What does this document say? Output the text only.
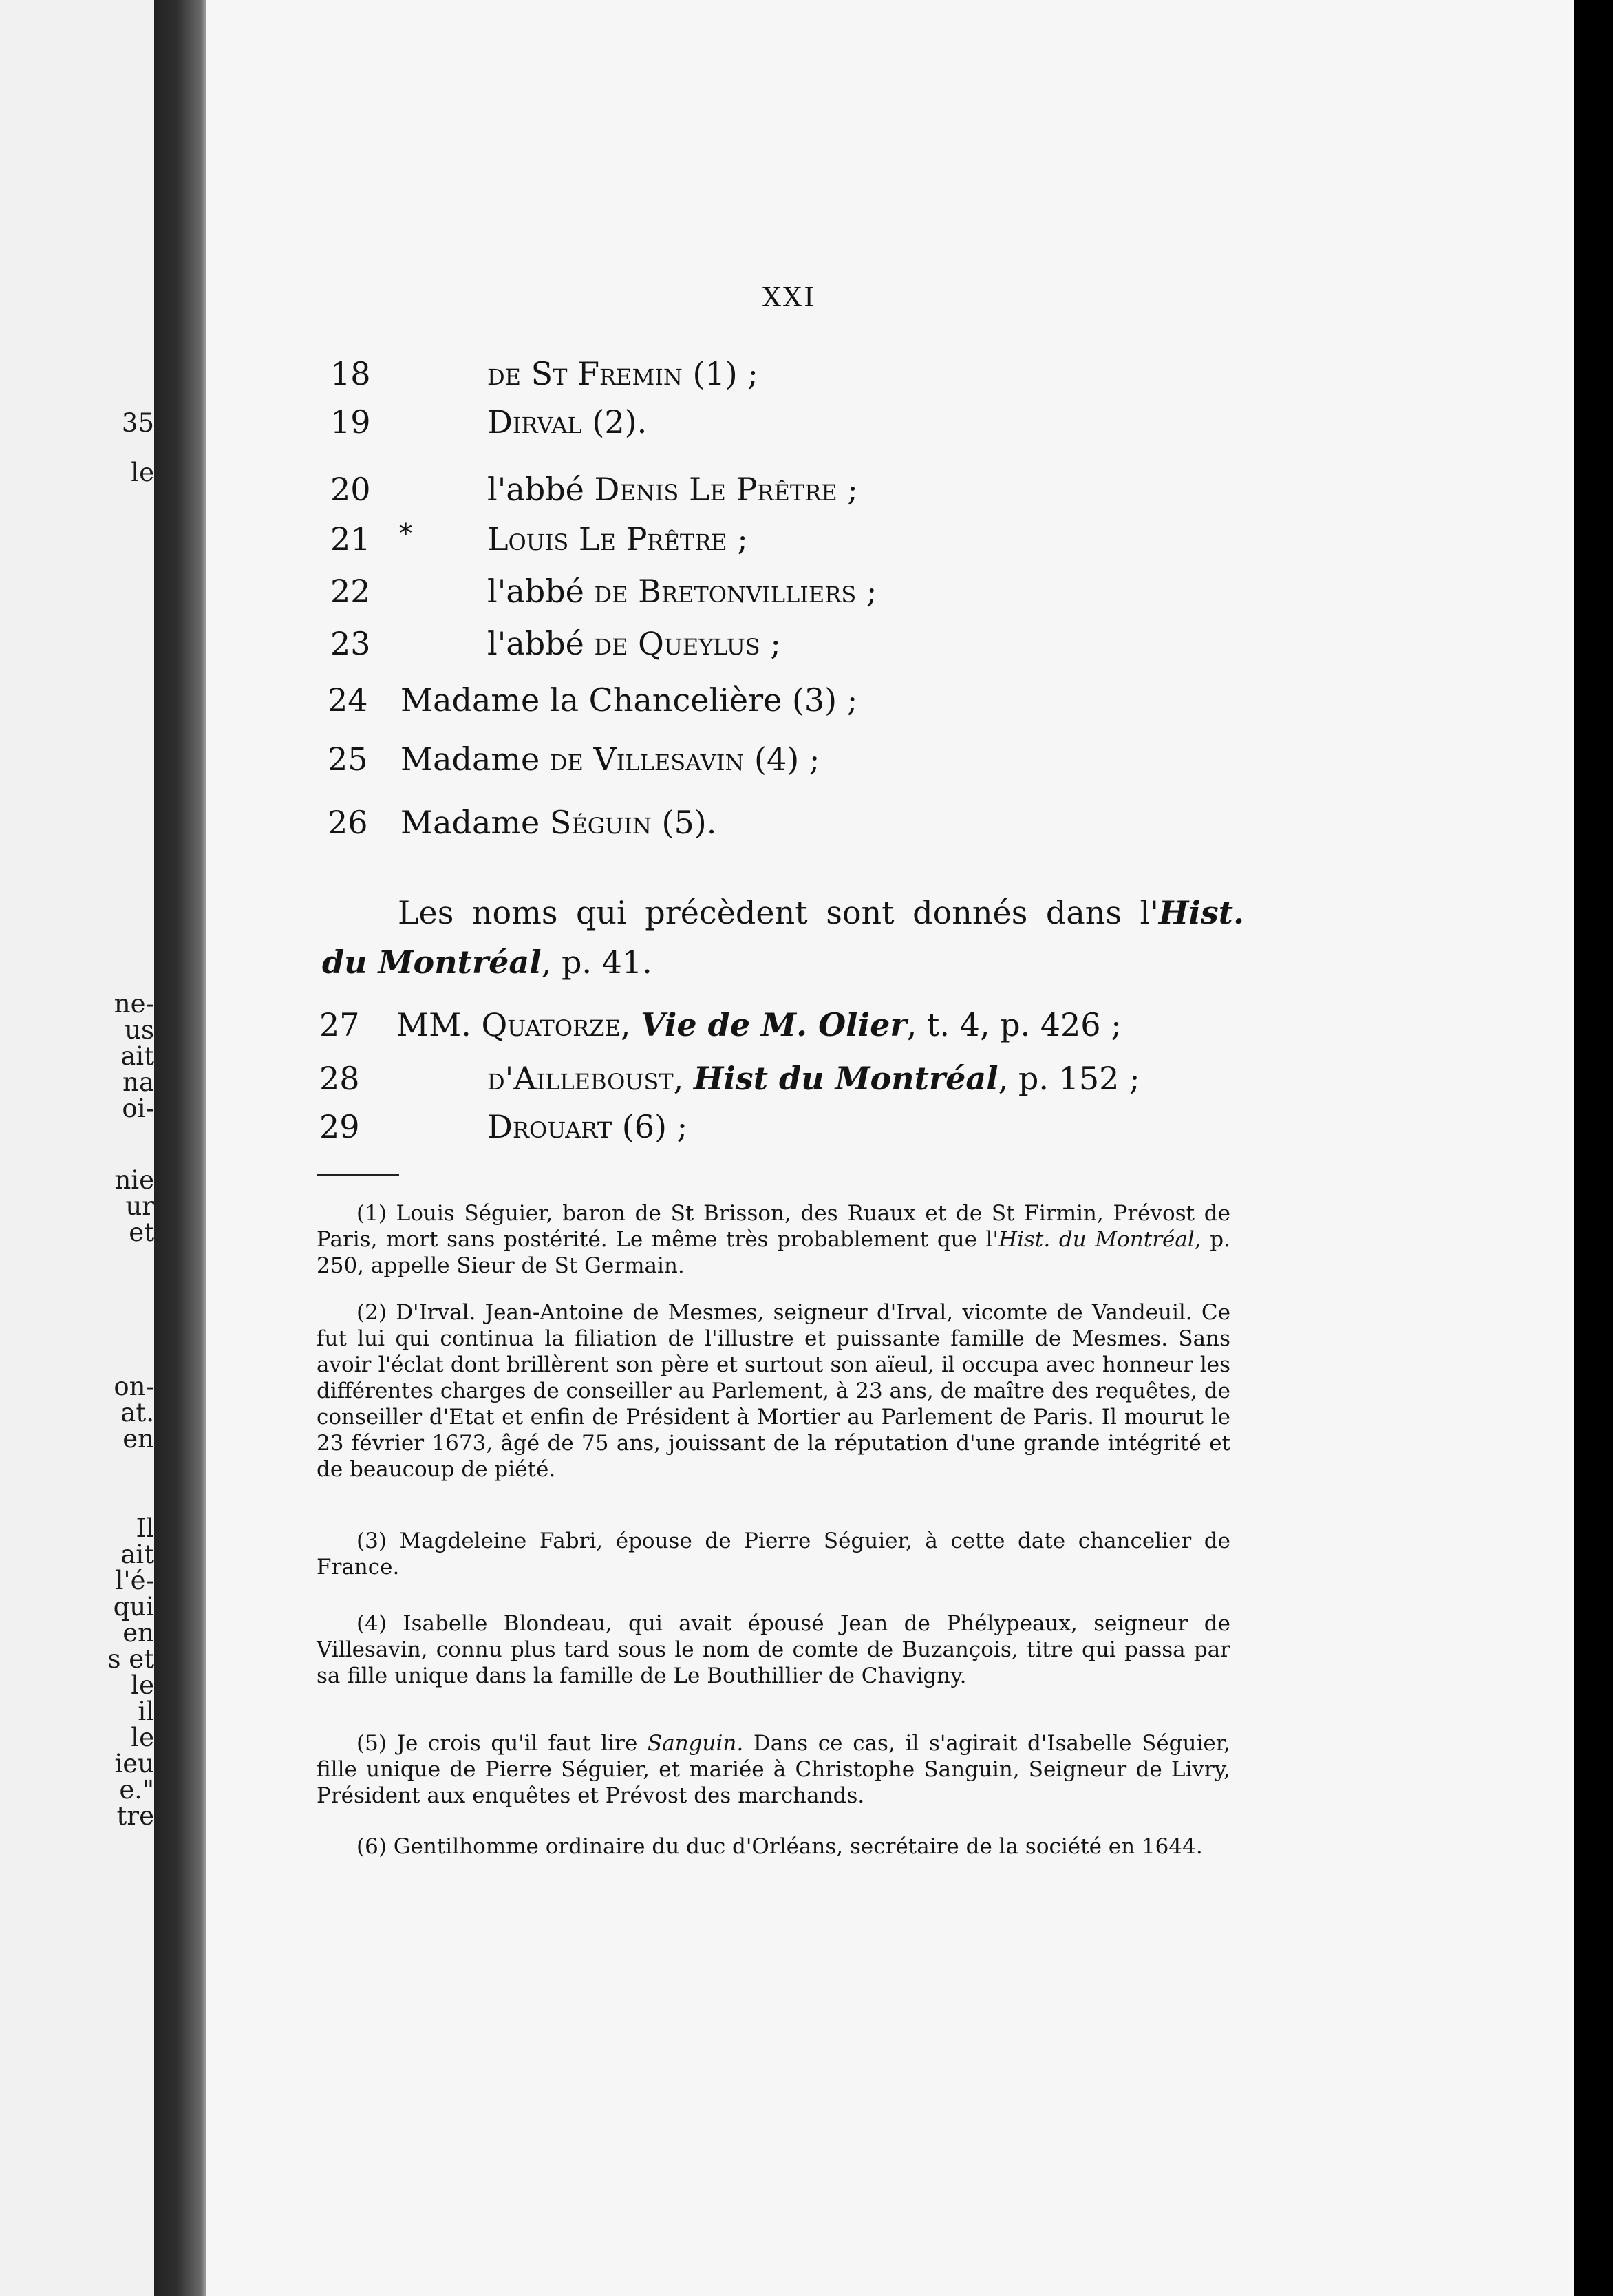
35
le
ne-
us
ait
na
oi-
nie
ur
et
on-
at.
en
Il
ait
l'é-
qui
en
s et
le
il
le
ieu
e."
tre
XXI
18	de St Fremin (1) ;
19	Dirval (2).
20	l'abbé Denis Le Prêtre ;
21 * Louis Le Prêtre ;
22	l'abbé de Bretonvilliers ;
23	l'abbé de Queylus ;
24 Madame la Chancelière (3) ;
25 Madame de Villesavin (4) ;
26 Madame Séguin (5).
27 MM. Quatorze, Vie de M. Olier, t. 4, p. 426 ;
28	d'Ailleboust, Hist du Montréal, p. 152 ;
29	Drouart (6) ;
Les noms qui précèdent sont donnés dans l'Hist.
du Montréal, p. 41.
(1) Louis Séguier, baron de St Brisson, des Ruaux et de St Firmin, Prévost de Paris, mort sans postérité. Le même très probablement que l'Hist. du Montréal, p. 250, appelle Sieur de St Germain.
(2) D'Irval. Jean-Antoine de Mesmes, seigneur d'Irval, vicomte de Vandeuil. Ce fut lui qui continua la filiation de l'illustre et puissante famille de Mesmes. Sans avoir l'éclat dont brillèrent son père et surtout son aïeul, il occupa avec honneur les différentes charges de conseiller au Parlement, à 23 ans, de maître des requêtes, de conseiller d'Etat et enfin de Président à Mortier au Parlement de Paris. Il mourut le 23 février 1673, âgé de 75 ans, jouissant de la réputation d'une grande intégrité et de beaucoup de piété.
(3) Magdeleine Fabri, épouse de Pierre Séguier, à cette date chancelier de France.
(4) Isabelle Blondeau, qui avait épousé Jean de Phélypeaux, seigneur de Villesavin, connu plus tard sous le nom de comte de Buzançois, titre qui passa par sa fille unique dans la famille de Le Bouthillier de Chavigny.
(5) Je crois qu'il faut lire Sanguin. Dans ce cas, il s'agirait d'Isabelle Séguier, fille unique de Pierre Séguier, et mariée à Christophe Sanguin, Seigneur de Livry, Président aux enquêtes et Prévost des marchands.
(6) Gentilhomme ordinaire du duc d'Orléans, secrétaire de la société en 1644.
